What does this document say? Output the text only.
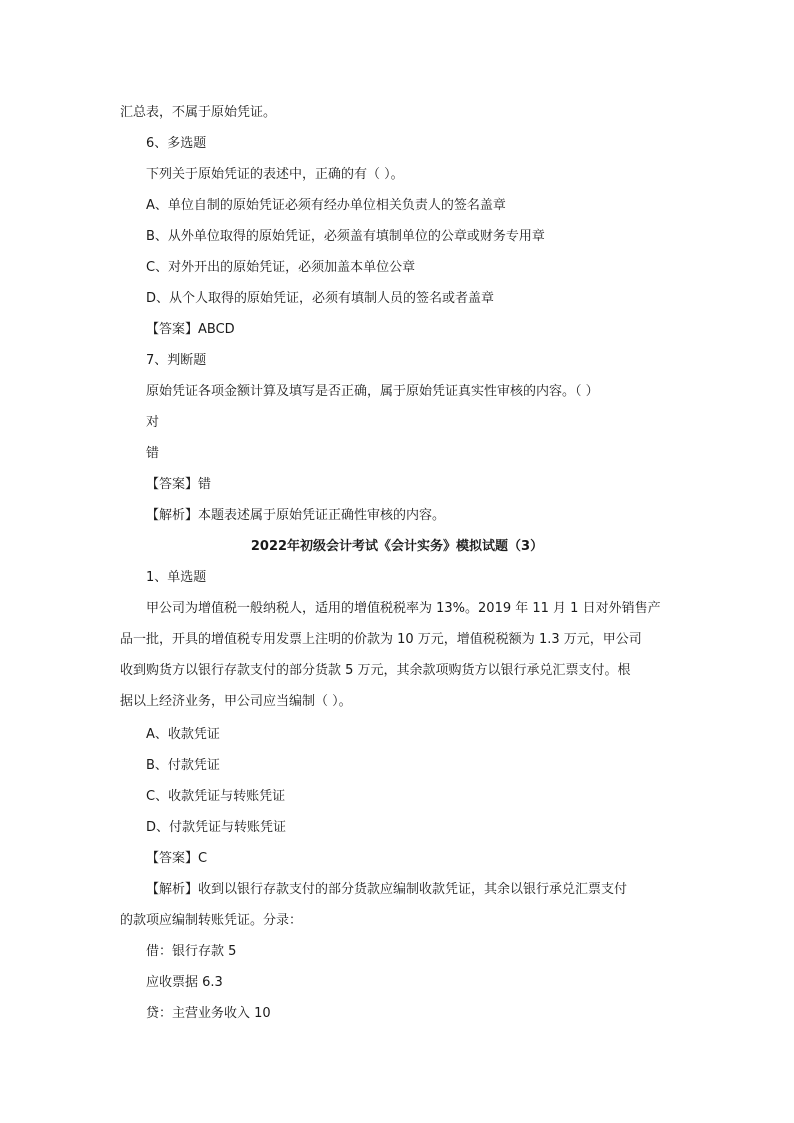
汇总表，不属于原始凭证。
6、多选题
下列关于原始凭证的表述中，正确的有（ ）。
A、单位自制的原始凭证必须有经办单位相关负责人的签名盖章
B、从外单位取得的原始凭证，必须盖有填制单位的公章或财务专用章
C、对外开出的原始凭证，必须加盖本单位公章
D、从个人取得的原始凭证，必须有填制人员的签名或者盖章
【答案】ABCD
7、判断题
原始凭证各项金额计算及填写是否正确，属于原始凭证真实性审核的内容。（ ）
对
错
【答案】错
【解析】本题表述属于原始凭证正确性审核的内容。
2022年初级会计考试《会计实务》模拟试题（3）
1、单选题
甲公司为增值税一般纳税人，适用的增值税税率为 13%。2019 年 11 月 1 日对外销售产
品一批，开具的增值税专用发票上注明的价款为 10 万元，增值税税额为 1.3 万元，甲公司
收到购货方以银行存款支付的部分货款 5 万元，其余款项购货方以银行承兑汇票支付。根
据以上经济业务，甲公司应当编制（ ）。
A、收款凭证
B、付款凭证
C、收款凭证与转账凭证
D、付款凭证与转账凭证
【答案】C
【解析】收到以银行存款支付的部分货款应编制收款凭证，其余以银行承兑汇票支付
的款项应编制转账凭证。分录：
借：银行存款 5
应收票据 6.3
贷：主营业务收入 10
